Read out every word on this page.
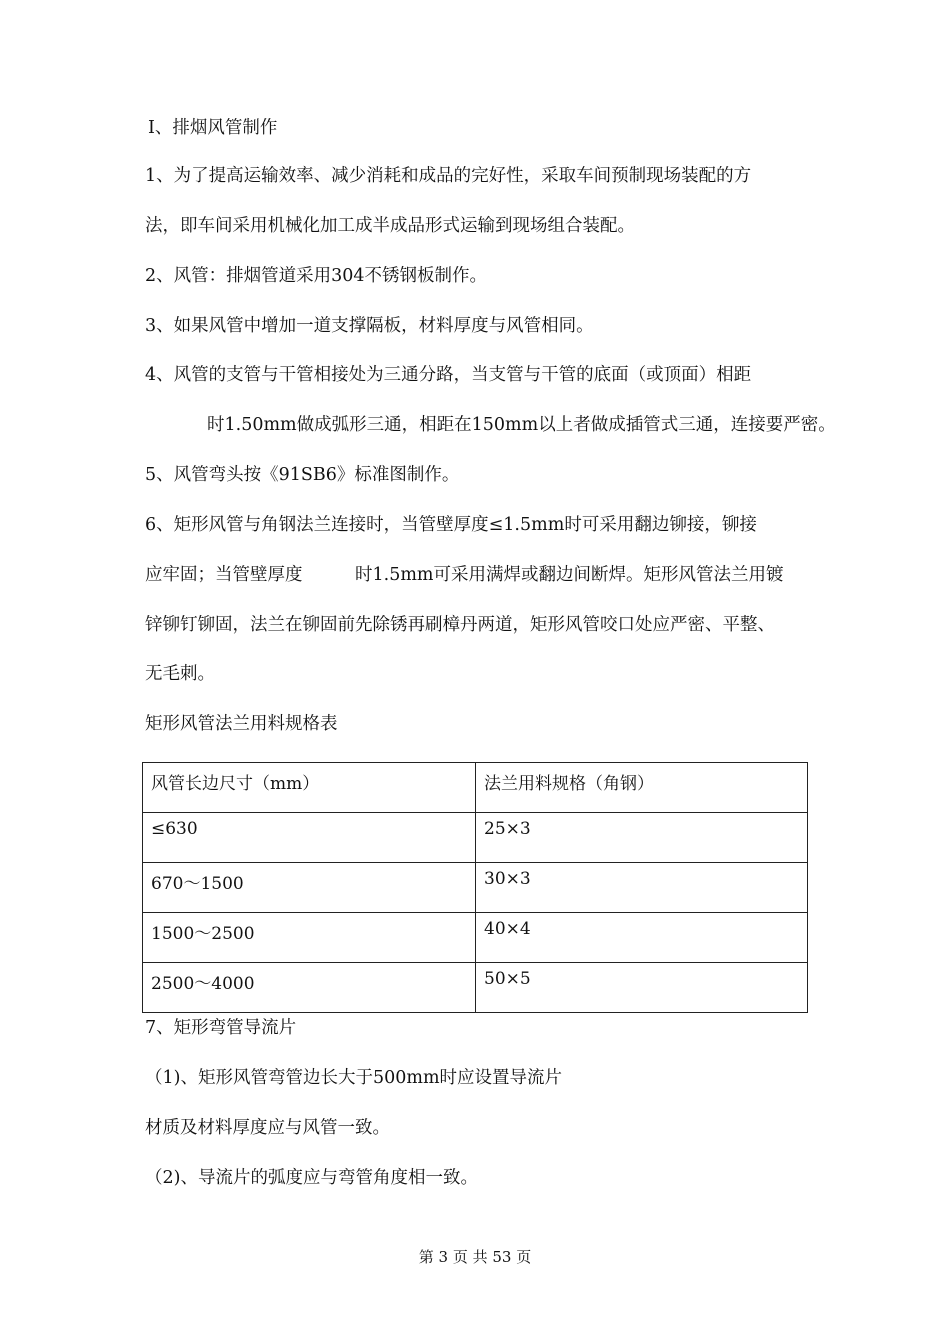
Ⅰ、排烟风管制作
1、为了提高运输效率、减少消耗和成品的完好性，采取车间预制现场装配的方
法，即车间采用机械化加工成半成品形式运输到现场组合装配。
2、风管：排烟管道采用304不锈钢板制作。
3、如果风管中增加一道支撑隔板，材料厚度与风管相同。
4、风管的支管与干管相接处为三通分路，当支管与干管的底面（或顶面）相距
时1.50mm做成弧形三通，相距在150mm以上者做成插管式三通，连接要严密。
5、风管弯头按《91SB6》标准图制作。
6、矩形风管与角钢法兰连接时，当管壁厚度≤1.5mm时可采用翻边铆接，铆接
应牢固；当管壁厚度　　　时1.5mm可采用满焊或翻边间断焊。矩形风管法兰用镀
锌铆钉铆固，法兰在铆固前先除锈再刷樟丹两道，矩形风管咬口处应严密、平整、
无毛刺。
矩形风管法兰用料规格表
风管长边尺寸（mm）	法兰用料规格（角钢）
≤630	25×3
670～1500	30×3
1500～2500	40×4
2500～4000	50×5
7、矩形弯管导流片
（1)、矩形风管弯管边长大于500mm时应设置导流片
材质及材料厚度应与风管一致。
（2)、导流片的弧度应与弯管角度相一致。
第 3 页 共 53 页
